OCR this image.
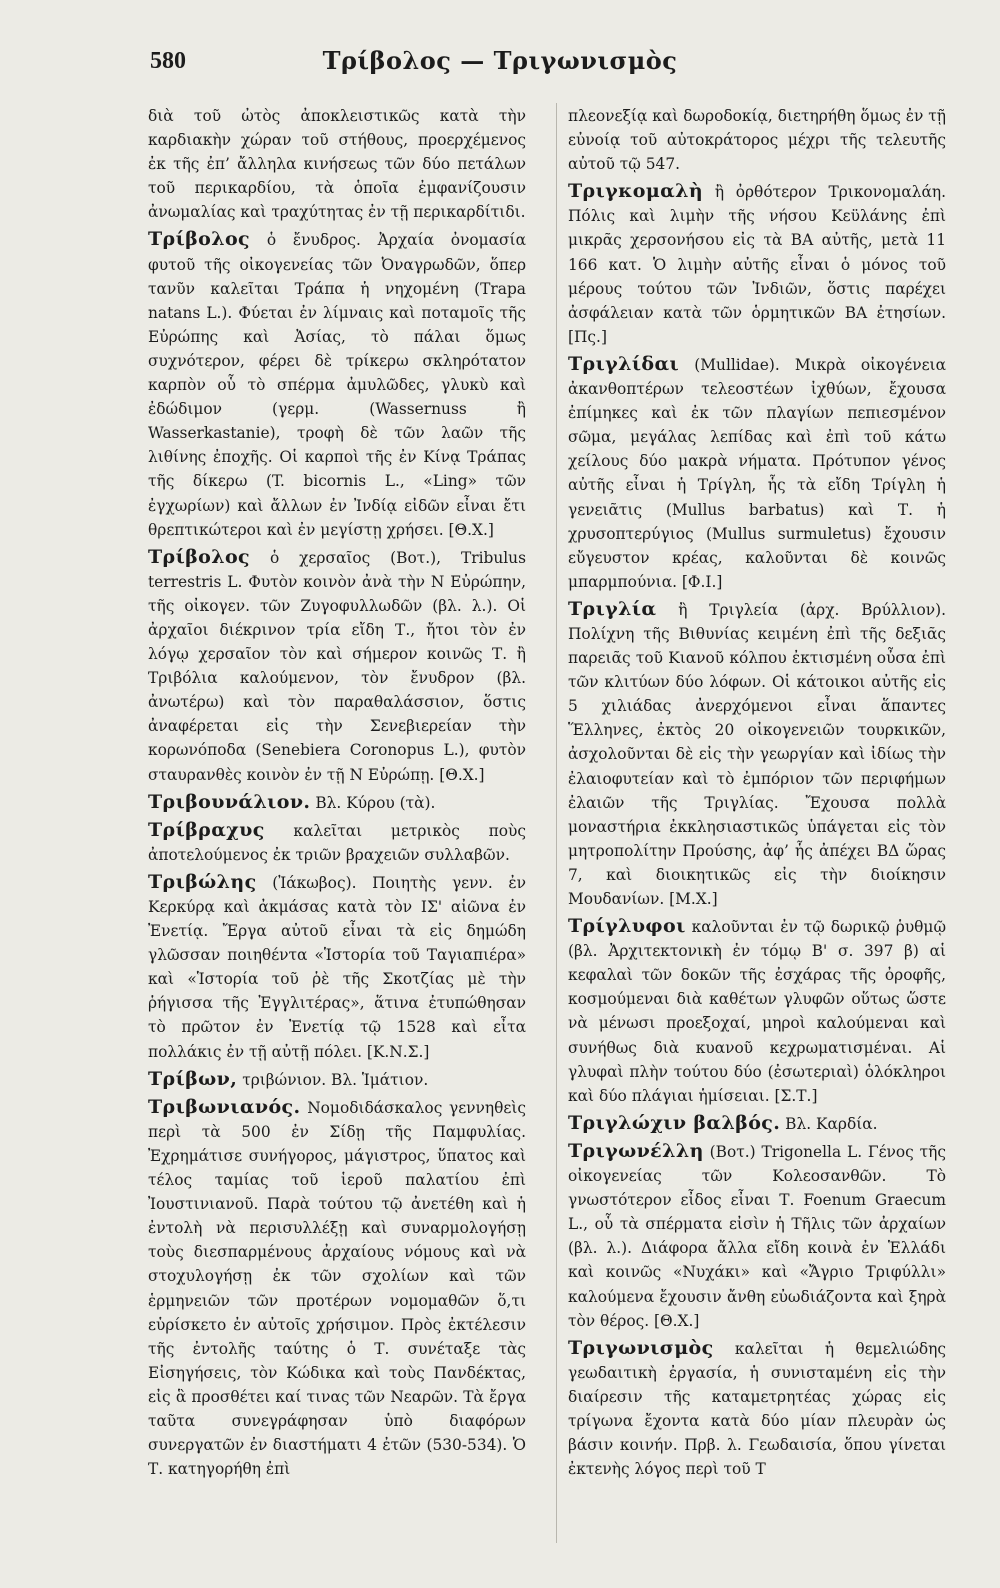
580	Τρίβολος — Τριγωνισμὸς

διὰ τοῦ ὠτὸς ἀποκλειστικῶς κατὰ τὴν καρδιακὴν χώραν τοῦ στήθους, προερχέμενος ἐκ τῆς ἐπ’ ἄλληλα κινήσεως τῶν δύο πετάλων τοῦ περικαρδίου, τὰ ὁποῖα ἐμφανίζουσιν ἀνωμαλίας καὶ τραχύτητας ἐν τῇ περικαρδίτιδι.

Τρίβολος ὁ ἔνυδρος. Ἀρχαία ὀνομασία φυτοῦ τῆς οἰκογενείας τῶν Ὀναγρωδῶν, ὅπερ τανῦν καλεῖται Τράπα ἡ νηχομένη (Trapa natans L.). Φύεται ἐν λίμναις καὶ ποταμοῖς τῆς Εὐρώπης καὶ Ἀσίας, τὸ πάλαι ὅμως συχνότερον, φέρει δὲ τρίκερω σκληρότατον καρπὸν οὗ τὸ σπέρμα ἀμυλῶδες, γλυκὺ καὶ ἐδώδιμον (γερμ. (Wassernuss ἢ Wasserkastanie), τροφὴ δὲ τῶν λαῶν τῆς λιθίνης ἐποχῆς. Οἱ καρποὶ τῆς ἐν Κίνᾳ Τράπας τῆς δίκερω (T. bicornis L., «Ling» τῶν ἐγχωρίων) καὶ ἄλλων ἐν Ἰνδίᾳ εἰδῶν εἶναι ἔτι θρεπτικώτεροι καὶ ἐν μεγίστῃ χρήσει. [Θ.Χ.]

Τρίβολος ὁ χερσαῖος (Βοτ.), Tribulus terrestris L. Φυτὸν κοινὸν ἀνὰ τὴν Ν Εὐρώπην, τῆς οἰκογεν. τῶν Ζυγοφυλλωδῶν (βλ. λ.). Οἱ ἀρχαῖοι διέκρινον τρία εἴδη Τ., ἤτοι τὸν ἐν λόγῳ χερσαῖον τὸν καὶ σήμερον κοινῶς Τ. ἢ Τριβόλια καλούμενον, τὸν ἔνυδρον (βλ. ἀνωτέρω) καὶ τὸν παραθαλάσσιον, ὅστις ἀναφέρεται εἰς τὴν Σενεβιερείαν τὴν κορωνόποδα (Senebiera Coronopus L.), φυτὸν σταυρανθὲς κοινὸν ἐν τῇ Ν Εὐρώπῃ. [Θ.Χ.]

Τριβουνάλιον. Βλ. Κύρου (τὰ).

Τρίβραχυς καλεῖται μετρικὸς ποὺς ἀποτελούμενος ἐκ τριῶν βραχειῶν συλλαβῶν.

Τριβώλης (Ἰάκωβος). Ποιητὴς γενν. ἐν Κερκύρᾳ καὶ ἀκμάσας κατὰ τὸν ΙΣ' αἰῶνα ἐν Ἐνετίᾳ. Ἔργα αὐτοῦ εἶναι τὰ εἰς δημώδη γλῶσσαν ποιηθέντα «Ἱστορία τοῦ Ταγιαπιέρα» καὶ «Ἱστορία τοῦ ῥὲ τῆς Σκοτζίας μὲ τὴν ῥήγισσα τῆς Ἐγγλιτέρας», ἅτινα ἐτυπώθησαν τὸ πρῶτον ἐν Ἐνετίᾳ τῷ 1528 καὶ εἶτα πολλάκις ἐν τῇ αὐτῇ πόλει. [Κ.Ν.Σ.]

Τρίβων, τριβώνιον. Βλ. Ἱμάτιον.

Τριβωνιανός. Νομοδιδάσκαλος γεννηθεὶς περὶ τὰ 500 ἐν Σίδῃ τῆς Παμφυλίας. Ἐχρημάτισε συνήγορος, μάγιστρος, ὕπατος καὶ τέλος ταμίας τοῦ ἱεροῦ παλατίου ἐπὶ Ἰουστινιανοῦ. Παρὰ τούτου τῷ ἀνετέθη καὶ ἡ ἐντολὴ νὰ περισυλλέξῃ καὶ συναρμολογήσῃ τοὺς διεσπαρμένους ἀρχαίους νόμους καὶ νὰ στοχυλογήσῃ ἐκ τῶν σχολίων καὶ τῶν ἑρμηνειῶν τῶν προτέρων νομομαθῶν ὅ,τι εὑρίσκετο ἐν αὐτοῖς χρήσιμον. Πρὸς ἐκτέλεσιν τῆς ἐντολῆς ταύτης ὁ Τ. συνέταξε τὰς Εἰσηγήσεις, τὸν Κώδικα καὶ τοὺς Πανδέκτας, εἰς ἃ προσθέτει καί τινας τῶν Νεαρῶν. Τὰ ἔργα ταῦτα συνεγράφησαν ὑπὸ διαφόρων συνεργατῶν ἐν διαστήματι 4 ἐτῶν (530-534). Ὁ Τ. κατηγορήθη ἐπὶ

πλεονεξίᾳ καὶ δωροδοκίᾳ, διετηρήθη ὅμως ἐν τῇ εὐνοίᾳ τοῦ αὐτοκράτορος μέχρι τῆς τελευτῆς αὐτοῦ τῷ 547.

Τριγκομαλὴ ἢ ὀρθότερον Τρικονομαλάη. Πόλις καὶ λιμὴν τῆς νήσου Κεϋλάνης ἐπὶ μικρᾶς χερσονήσου εἰς τὰ ΒΑ αὐτῆς, μετὰ 11 166 κατ. Ὁ λιμὴν αὐτῆς εἶναι ὁ μόνος τοῦ μέρους τούτου τῶν Ἰνδιῶν, ὅστις παρέχει ἀσφάλειαν κατὰ τῶν ὁρμητικῶν ΒΑ ἐτησίων. [Πς.]

Τριγλίδαι (Mullidae). Μικρὰ οἰκογένεια ἀκανθοπτέρων τελεοστέων ἰχθύων, ἔχουσα ἐπίμηκες καὶ ἐκ τῶν πλαγίων πεπιεσμένον σῶμα, μεγάλας λεπίδας καὶ ἐπὶ τοῦ κάτω χείλους δύο μακρὰ νήματα. Πρότυπον γένος αὐτῆς εἶναι ἡ Τρίγλη, ἧς τὰ εἴδη Τρίγλη ἡ γενειᾶτις (Mullus barbatus) καὶ Τ. ἡ χρυσοπτερύγιος (Mullus surmuletus) ἔχουσιν εὔγευστον κρέας, καλοῦνται δὲ κοινῶς μπαρμπούνια. [Φ.Ι.]

Τριγλία ἢ Τριγλεία (ἀρχ. Βρύλλιον). Πολίχνη τῆς Βιθυνίας κειμένη ἐπὶ τῆς δεξιᾶς παρειᾶς τοῦ Κιανοῦ κόλπου ἐκτισμένη οὖσα ἐπὶ τῶν κλιτύων δύο λόφων. Οἱ κάτοικοι αὐτῆς εἰς 5 χιλιάδας ἀνερχόμενοι εἶναι ἅπαντες Ἕλληνες, ἐκτὸς 20 οἰκογενειῶν τουρκικῶν, ἀσχολοῦνται δὲ εἰς τὴν γεωργίαν καὶ ἰδίως τὴν ἐλαιοφυτείαν καὶ τὸ ἐμπόριον τῶν περιφήμων ἐλαιῶν τῆς Τριγλίας. Ἔχουσα πολλὰ μοναστήρια ἐκκλησιαστικῶς ὑπάγεται εἰς τὸν μητροπολίτην Προύσης, ἀφ’ ἧς ἀπέχει ΒΔ ὥρας 7, καὶ διοικητικῶς εἰς τὴν διοίκησιν Μουδανίων. [Μ.Χ.]

Τρίγλυφοι καλοῦνται ἐν τῷ δωρικῷ ῥυθμῷ (βλ. Ἀρχιτεκτονικὴ ἐν τόμῳ Β' σ. 397 β) αἱ κεφαλαὶ τῶν δοκῶν τῆς ἐσχάρας τῆς ὀροφῆς, κοσμούμεναι διὰ καθέτων γλυφῶν οὕτως ὥστε νὰ μένωσι προεξοχαί, μηροὶ καλούμεναι καὶ συνήθως διὰ κυανοῦ κεχρωματισμέναι. Αἱ γλυφαὶ πλὴν τούτου δύο (ἐσωτεριαὶ) ὁλόκληροι καὶ δύο πλάγιαι ἡμίσειαι. [Σ.Τ.]

Τριγλώχιν βαλβός. Βλ. Καρδία.

Τριγωνέλλη (Βοτ.) Trigonella L. Γένος τῆς οἰκογενείας τῶν Κολεοσανθῶν. Τὸ γνωστότερον εἶδος εἶναι Τ. Foenum Graecum L., οὗ τὰ σπέρματα εἰσὶν ἡ Τῆλις τῶν ἀρχαίων (βλ. λ.). Διάφορα ἄλλα εἴδη κοινὰ ἐν Ἑλλάδι καὶ κοινῶς «Νυχάκι» καὶ «Ἄγριο Τριφύλλι» καλούμενα ἔχουσιν ἄνθη εὐωδιάζοντα καὶ ξηρὰ τὸν θέρος. [Θ.Χ.]

Τριγωνισμὸς καλεῖται ἡ θεμελιώδης γεωδαιτικὴ ἐργασία, ἡ συνισταμένη εἰς τὴν διαίρεσιν τῆς καταμετρητέας χώρας εἰς τρίγωνα ἔχοντα κατὰ δύο μίαν πλευρὰν ὡς βάσιν κοινήν. Πρβ. λ. Γεωδαισία, ὅπου γίνεται ἐκτενὴς λόγος περὶ τοῦ Τ
